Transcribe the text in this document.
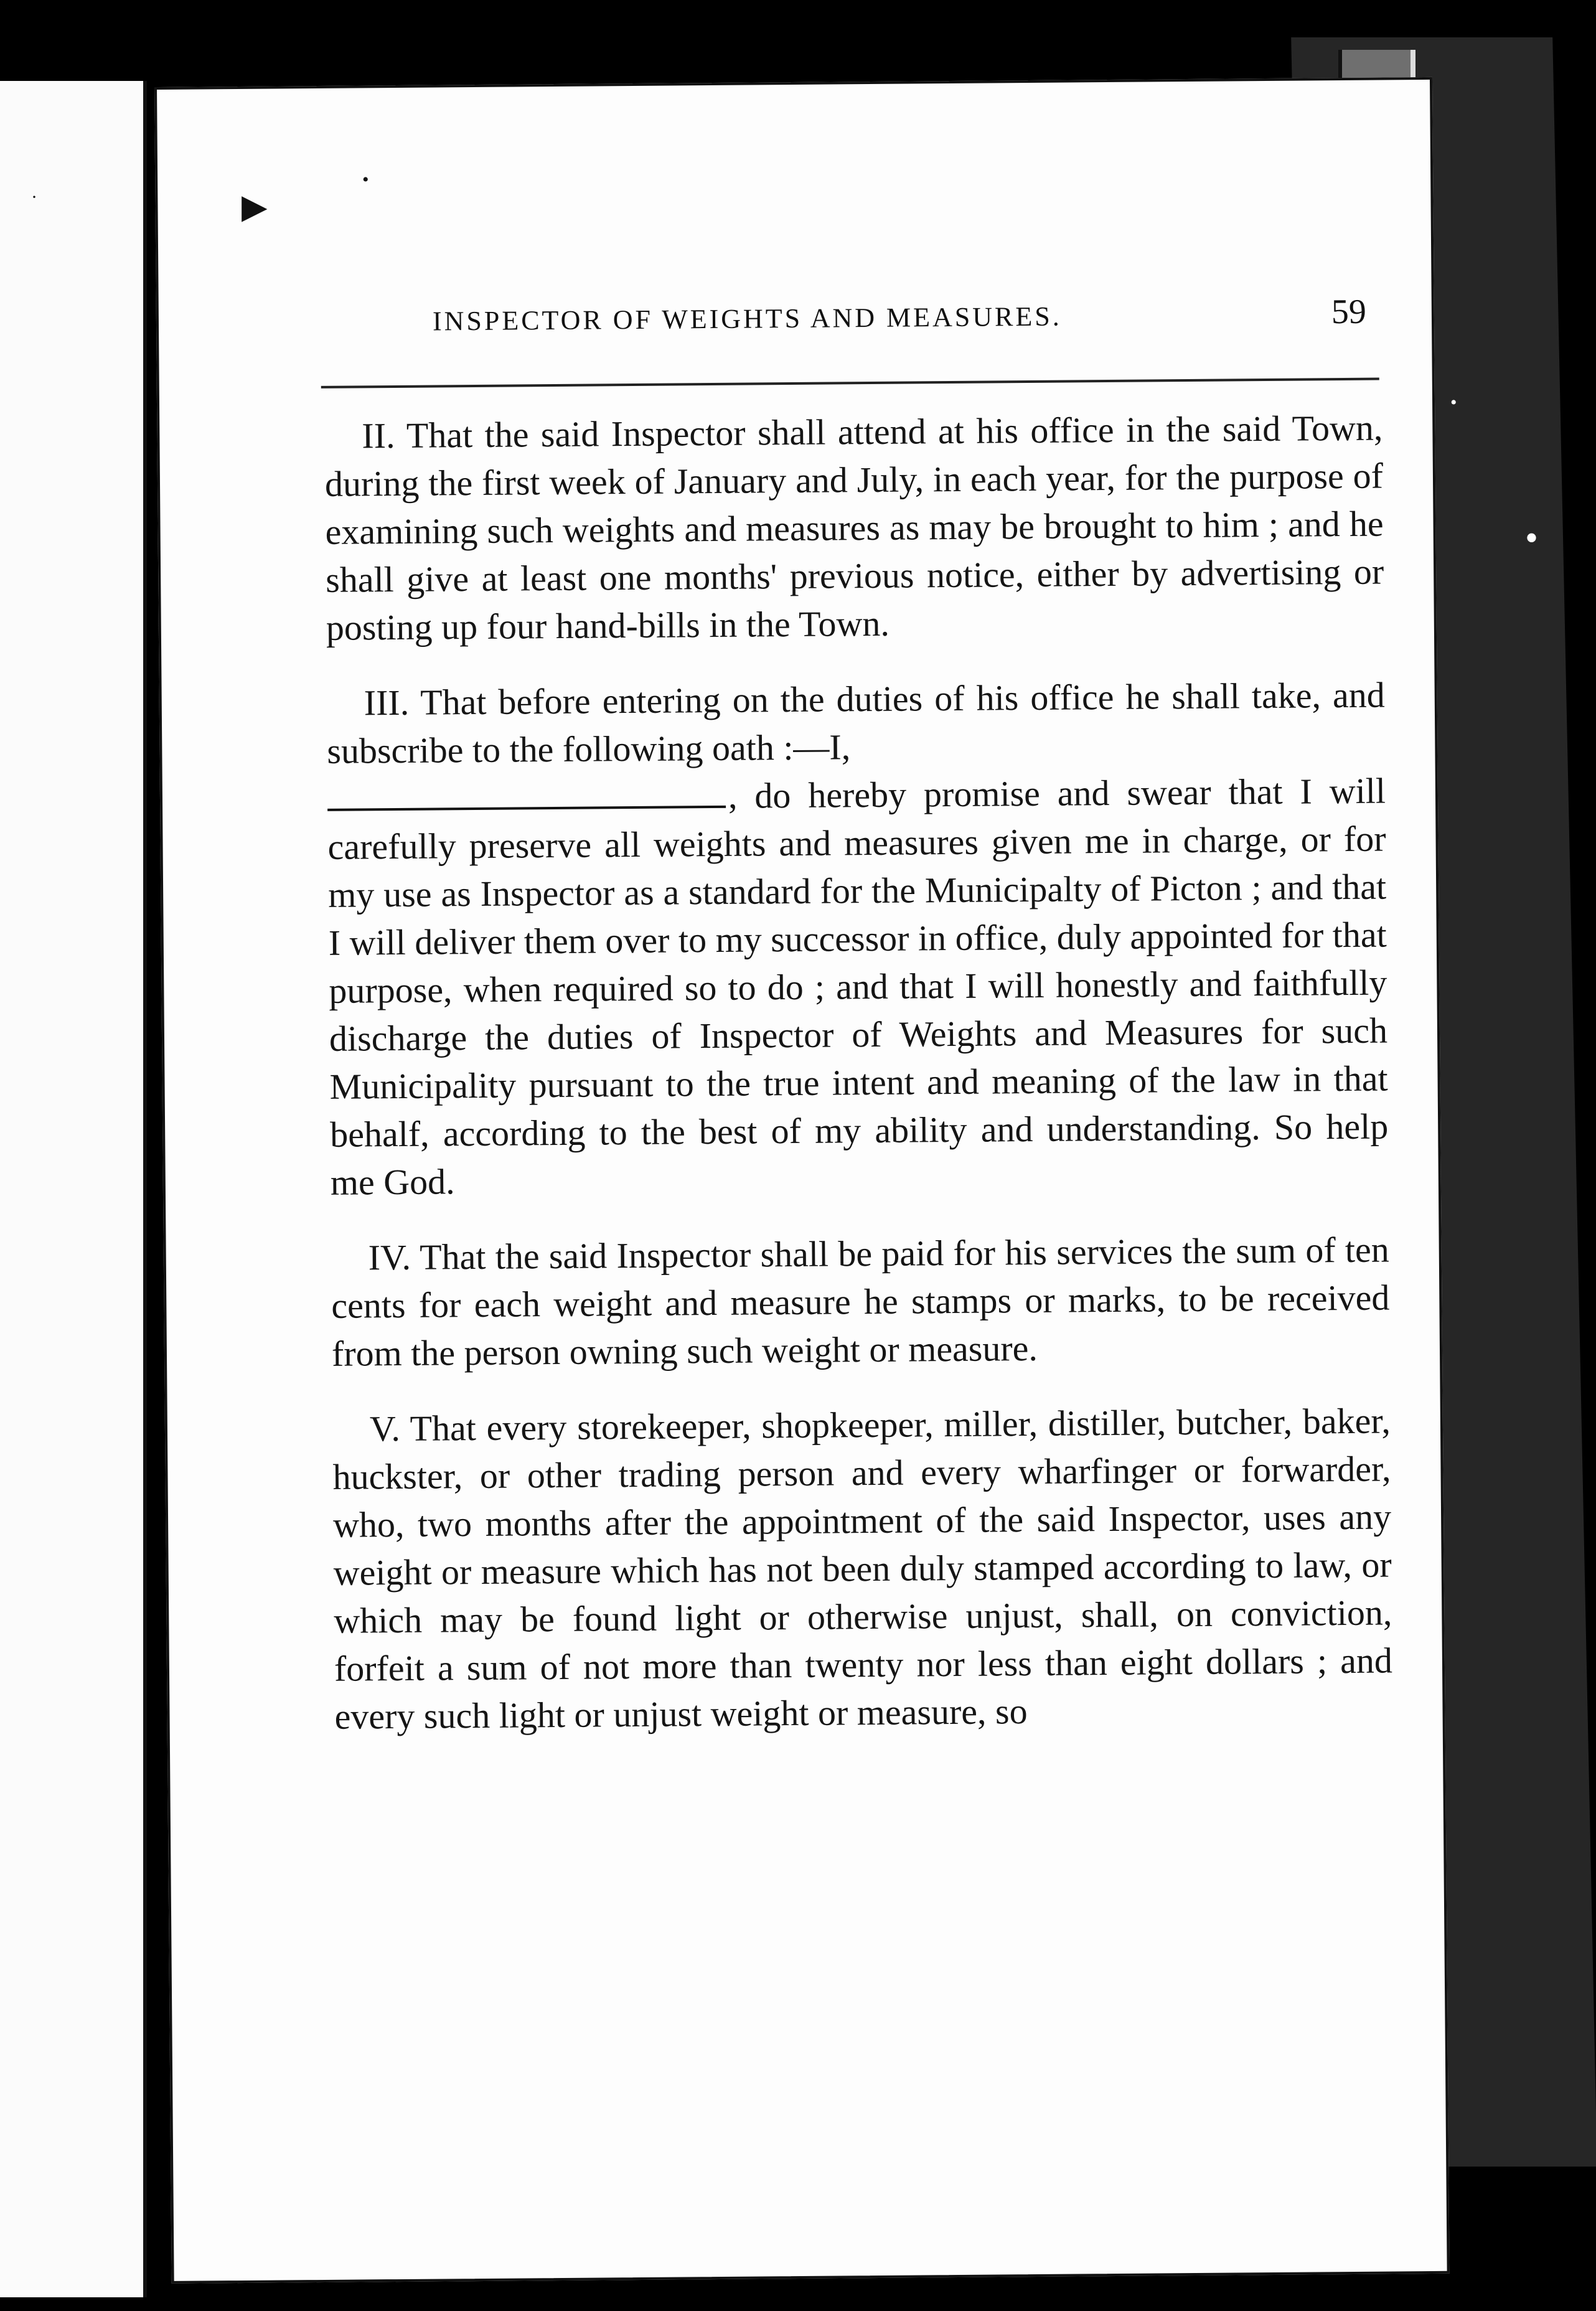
INSPECTOR OF WEIGHTS AND MEASURES.	59

II. That the said Inspector shall attend at his office in the said Town, during the first week of January and July, in each year, for the purpose of examining such weights and measures as may be brought to him ; and he shall give at least one months' previous notice, either by advertising or posting up four hand-bills in the Town.

III. That before entering on the duties of his office he shall take, and subscribe to the following oath :—I,
, do hereby promise and swear that I will carefully preserve all weights and measures given me in charge, or for my use as Inspector as a standard for the Municipalty of Picton ; and that I will deliver them over to my successor in office, duly appointed for that purpose, when required so to do ; and that I will honestly and faithfully discharge the duties of Inspector of Weights and Measures for such Municipality pursuant to the true intent and meaning of the law in that behalf, according to the best of my ability and understanding. So help me God.

IV. That the said Inspector shall be paid for his services the sum of ten cents for each weight and measure he stamps or marks, to be received from the person owning such weight or measure.

V. That every storekeeper, shopkeeper, miller, distiller, butcher, baker, huckster, or other trading person and every wharfinger or forwarder, who, two months after the appointment of the said Inspector, uses any weight or measure which has not been duly stamped according to law, or which may be found light or otherwise unjust, shall, on conviction, forfeit a sum of not more than twenty nor less than eight dollars ; and every such light or unjust weight or measure, so

▶
•
•
•
·
